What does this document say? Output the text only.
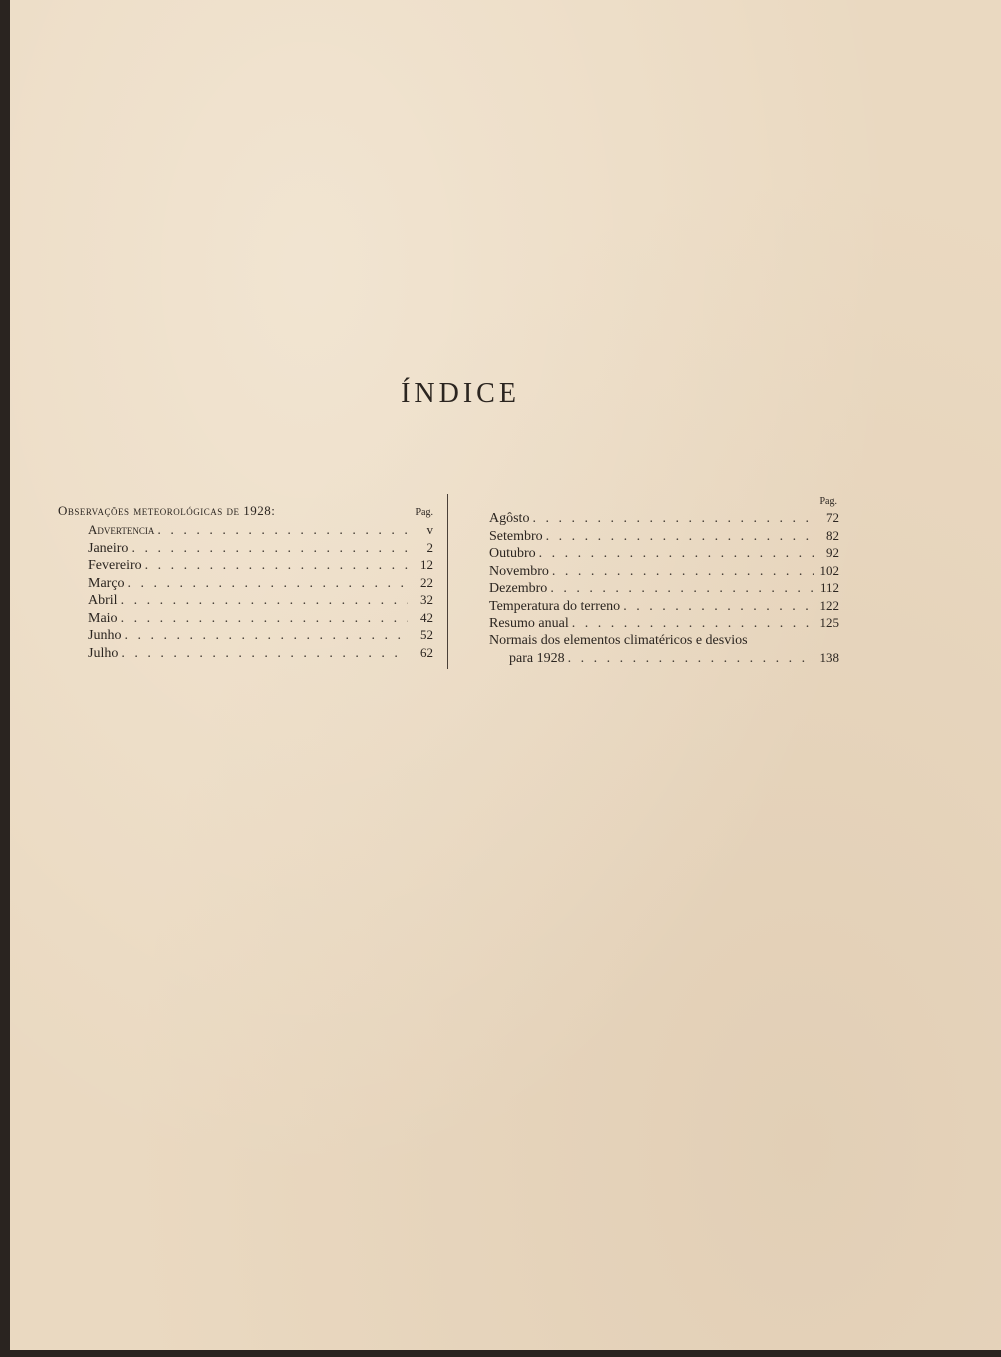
ÍNDICE
Observações meteorológicas de 1928:	Pag.
Advertencia . . .	v
Janeiro . . .	2
Fevereiro . . .	12
Março . . .	22
Abril . . .	32
Maio . . .	42
Junho . . .	52
Julho . . .	62
Pag.
Agôsto . . .	72
Setembro . . .	82
Outubro . . .	92
Novembro . . .	102
Dezembro . . .	112
Temperatura do terreno . . .	122
Resumo anual . . .	125
Normais dos elementos climatéricos e desvios
para 1928 . . .	138
